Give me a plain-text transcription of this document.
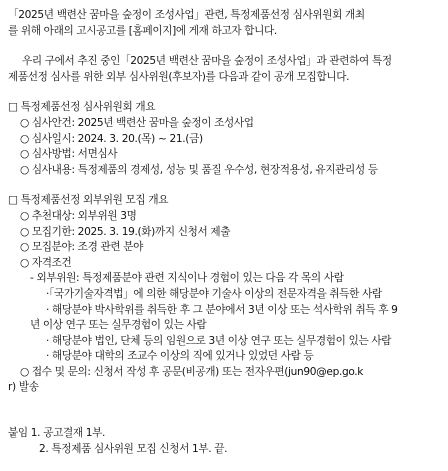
「2025년 백련산 꿈마을 숲정이 조성사업」관련, 특정제품선정 심사위원회 개최
를 위해 아래의 고시공고를 [홈페이지]에 게재 하고자 합니다.
우리 구에서 추진 중인「2025년 백련산 꿈마을 숲정이 조성사업」과 관련하여 특정
제품선정 심사를 위한 외부 심사위원(후보자)를 다음과 같이 공개 모집합니다.
□ 특정제품선정 심사위원회 개요
○ 심사안건: 2025년 백련산 꿈마을 숲정이 조성사업
○ 심사일시: 2024. 3. 20.(목) ~ 21.(금)
○ 심사방법: 서면심사
○ 심사내용: 특정제품의 경제성, 성능 및 품질 우수성, 현장적용성, 유지관리성 등
□ 특정제품선정 외부위원 모집 개요
○ 추천대상: 외부위원 3명
○ 모집기한: 2025. 3. 19.(화)까지 신청서 제출
○ 모집분야: 조경 관련 분야
○ 자격조건
- 외부위원: 특정제품분야 관련 지식이나 경험이 있는 다음 각 목의 사람
·「국가기술자격법」에 의한 해당분야 기술사 이상의 전문자격을 취득한 사람
· 해당분야 박사학위를 취득한 후 그 분야에서 3년 이상 또는 석사학위 취득 후 9
년 이상 연구 또는 실무경험이 있는 사람
· 해당분야 법인, 단체 등의 임원으로 3년 이상 연구 또는 실무경험이 있는 사람
· 해당분야 대학의 조교수 이상의 직에 있거나 있었던 사람 등
○ 접수 및 문의: 신청서 작성 후 공문(비공개) 또는 전자우편(jun90@ep.go.k
r) 발송
붙임 1. 공고결재 1부.
2. 특정제품 심사위원 모집 신청서 1부. 끝.
